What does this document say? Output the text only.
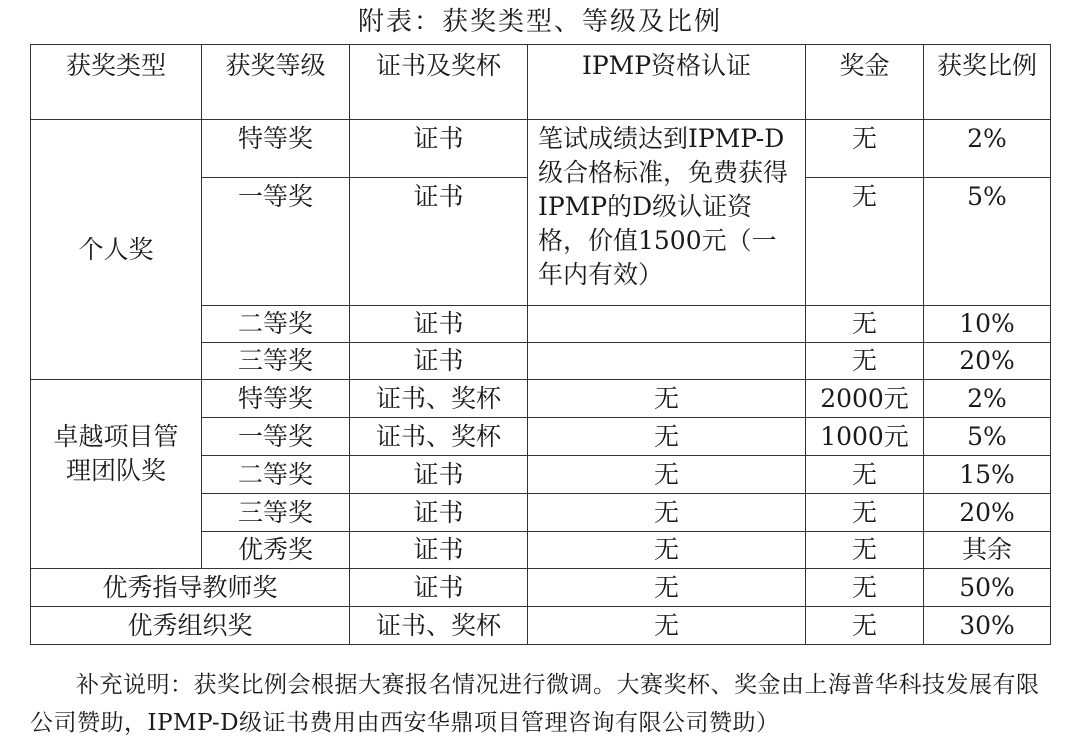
附表：获奖类型、等级及比例
获奖类型	获奖等级	证书及奖杯	IPMP资格认证	奖金	获奖比例
个人奖	特等奖	证书	笔试成绩达到IPMP-D级合格标准，免费获得IPMP的D级认证资格，价值1500元（一年内有效）	无	2%
	一等奖	证书		无	5%
	二等奖	证书		无	10%
	三等奖	证书		无	20%
卓越项目管理团队奖	特等奖	证书、奖杯	无	2000元	2%
	一等奖	证书、奖杯	无	1000元	5%
	二等奖	证书	无	无	15%
	三等奖	证书	无	无	20%
	优秀奖	证书	无	无	其余
优秀指导教师奖		证书	无	无	50%
优秀组织奖		证书、奖杯	无	无	30%
补充说明：获奖比例会根据大赛报名情况进行微调。大赛奖杯、奖金由上海普华科技发展有限公司赞助，IPMP-D级证书费用由西安华鼎项目管理咨询有限公司赞助）
